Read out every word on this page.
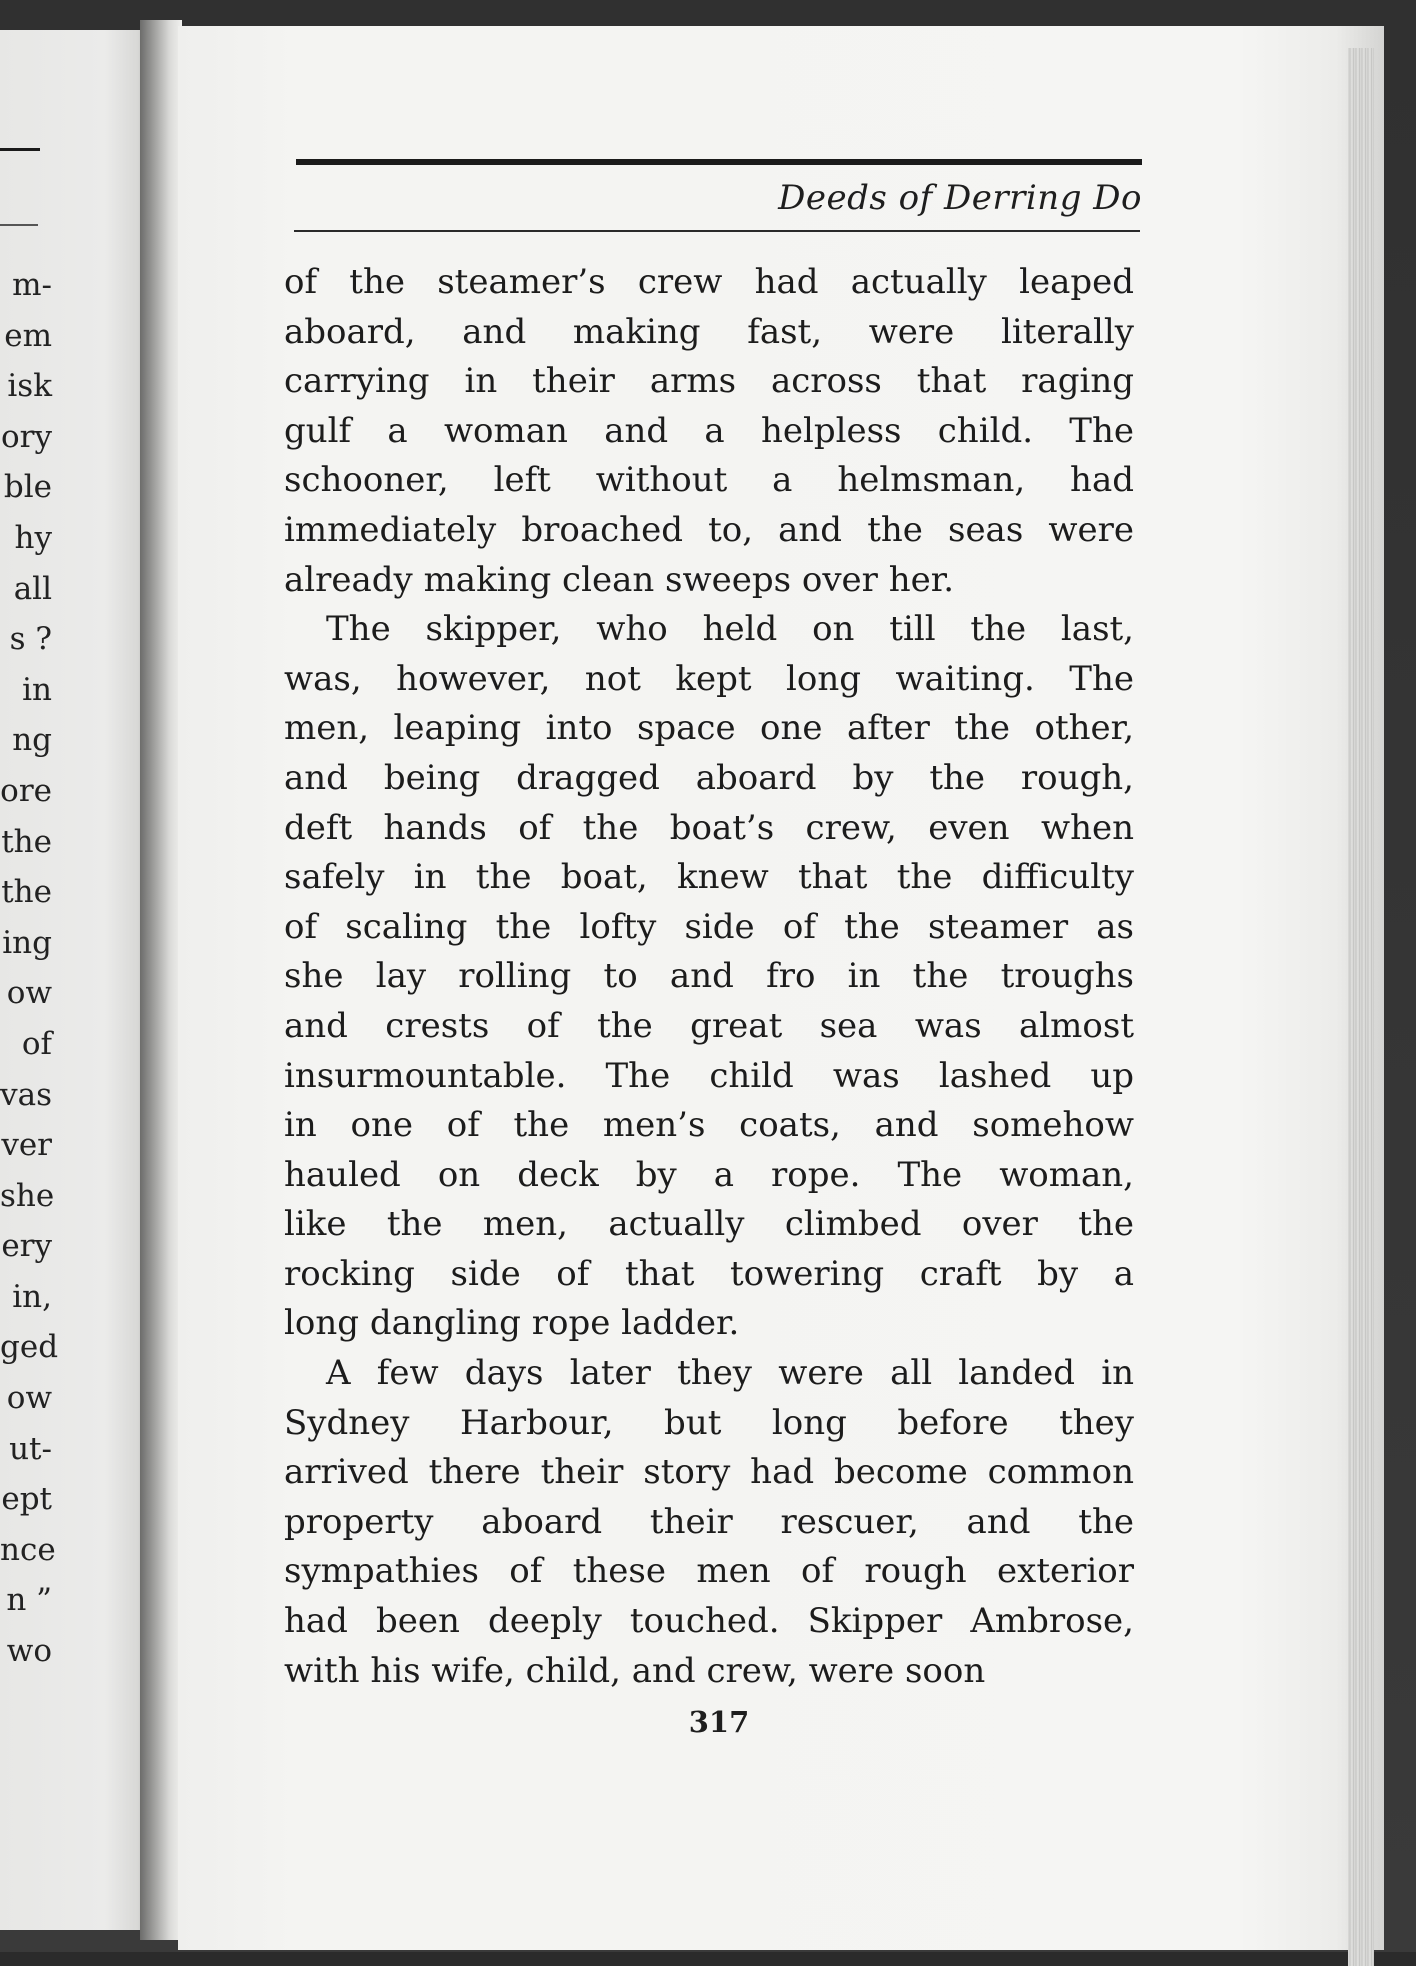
m-
em
isk
ory
ble
hy
all
s ?
in
ng
ore
the
the
ing
ow
of
vas
ver
she
ery
in,
ged
ow
ut-
ept
nce
n ”
wo
Deeds of Derring Do
of the steamer’s crew had actually leaped
aboard, and making fast, were literally
carrying in their arms across that raging
gulf a woman and a helpless child. The
schooner, left without a helmsman, had
immediately broached to, and the seas were
already making clean sweeps over her.
The skipper, who held on till the last,
was, however, not kept long waiting. The
men, leaping into space one after the other,
and being dragged aboard by the rough,
deft hands of the boat’s crew, even when
safely in the boat, knew that the difficulty
of scaling the lofty side of the steamer as
she lay rolling to and fro in the troughs
and crests of the great sea was almost
insurmountable. The child was lashed up
in one of the men’s coats, and somehow
hauled on deck by a rope. The woman,
like the men, actually climbed over the
rocking side of that towering craft by a
long dangling rope ladder.
A few days later they were all landed in
Sydney Harbour, but long before they
arrived there their story had become common
property aboard their rescuer, and the
sympathies of these men of rough exterior
had been deeply touched. Skipper Ambrose,
with his wife, child, and crew, were soon
317
